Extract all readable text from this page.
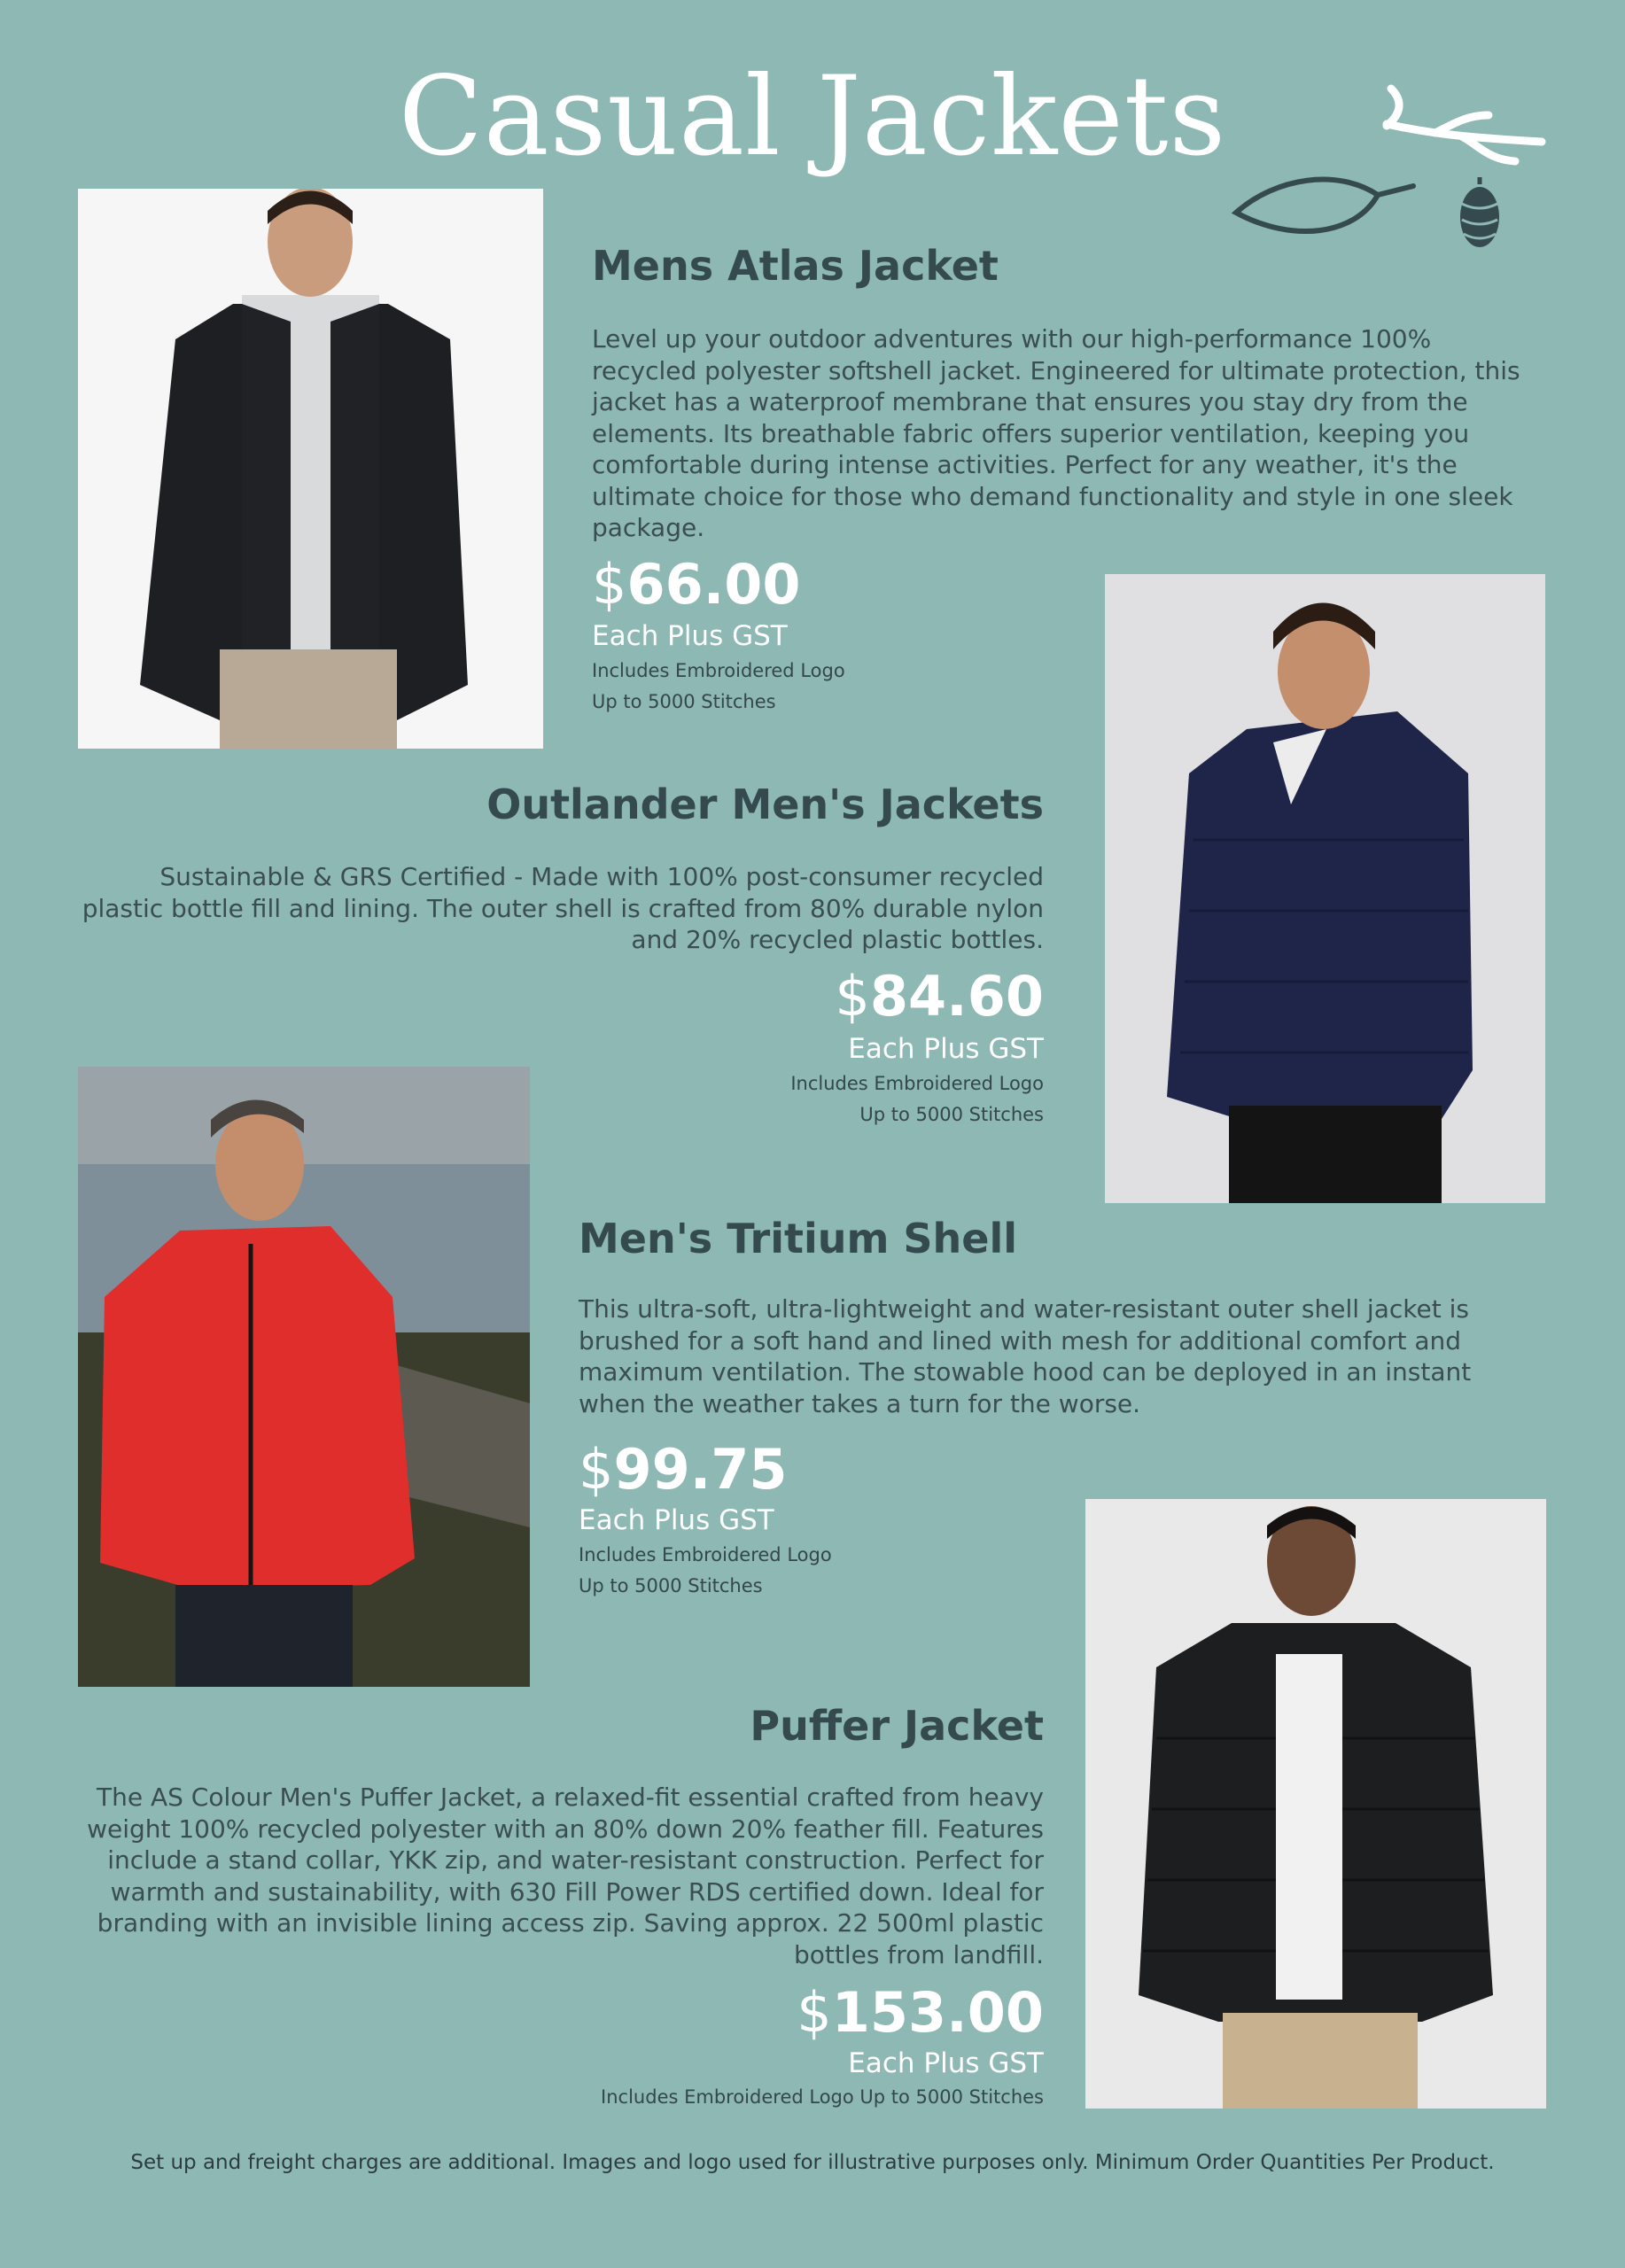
Casual Jackets
Mens Atlas Jacket

Level up your outdoor adventures with our high-performance 100% recycled polyester softshell jacket. Engineered for ultimate protection, this jacket has a waterproof membrane that ensures you stay dry from the elements. Its breathable fabric offers superior ventilation, keeping you comfortable during intense activities. Perfect for any weather, it's the ultimate choice for those who demand functionality and style in one sleek package.

$66.00
Each Plus GST
Includes Embroidered Logo
Up to 5000 Stitches
Outlander Men's Jackets

Sustainable & GRS Certified - Made with 100% post-consumer recycled plastic bottle fill and lining. The outer shell is crafted from 80% durable nylon and 20% recycled plastic bottles.

$84.60
Each Plus GST
Includes Embroidered Logo
Up to 5000 Stitches
Men's Tritium Shell

This ultra-soft, ultra-lightweight and water-resistant outer shell jacket is brushed for a soft hand and lined with mesh for additional comfort and maximum ventilation. The stowable hood can be deployed in an instant when the weather takes a turn for the worse.

$99.75
Each Plus GST
Includes Embroidered Logo
Up to 5000 Stitches
Puffer Jacket

The AS Colour Men's Puffer Jacket, a relaxed-fit essential crafted from heavy weight 100% recycled polyester with an 80% down 20% feather fill. Features include a stand collar, YKK zip, and water-resistant construction. Perfect for warmth and sustainability, with 630 Fill Power RDS certified down. Ideal for branding with an invisible lining access zip. Saving approx. 22 500ml plastic bottles from landfill.

$153.00
Each Plus GST
Includes Embroidered Logo Up to 5000 Stitches
Set up and freight charges are additional. Images and logo used for illustrative purposes only. Minimum Order Quantities Per Product.
